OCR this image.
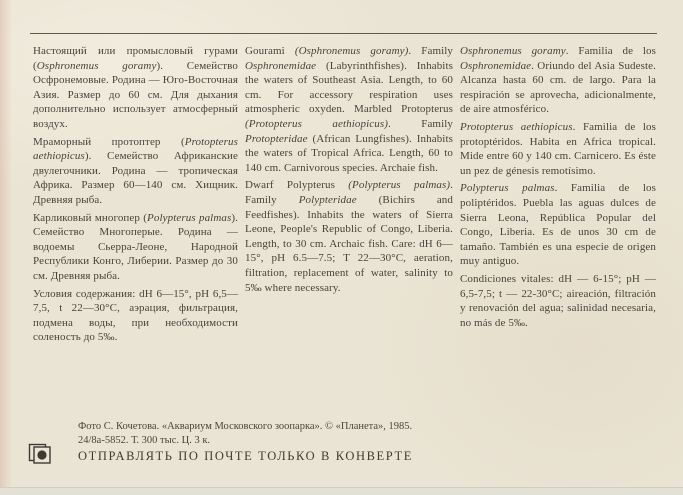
Настоящий или промысловый гурами (Osphronemus goramy). Семейство Осфронемовые. Родина — Юго-Восточная Азия. Размер до 60 см. Для дыхания дополнительно использует атмосферный воздух.

Мраморный протоптер (Protopterus aethiopicus). Семейство Африканские двулегочники. Родина — тропическая Африка. Размер 60—140 см. Хищник. Древняя рыба.

Карликовый многопер (Polypterus palmas). Семейство Многоперые. Родина — водоемы Сьерра-Леоне, Народной Республики Конго, Либерии. Размер до 30 см. Древняя рыба.

Условия содержания: dH 6—15°, pH 6,5—7,5, t 22—30°C, аэрация, фильтрация, подмена воды, при необходимости соленость до 5‰.

Gourami (Osphronemus goramy). Family Osphronemidae (Labyrinthfishes). Inhabits the waters of Southeast Asia. Length, to 60 cm. For accessory respiration uses atmospheric oxyden. Marbled Protopterus (Protopterus aethiopicus). Family Protopteridae (African Lungfishes). Inhabits the waters of Tropical Africa. Length, 60 to 140 cm. Carnivorous species. Archaie fish.

Dwarf Polypterus (Polypterus palmas). Family Polypteridae (Bichirs and Feedfishes). Inhabits the waters of Sierra Leone, People's Republic of Congo, Liberia. Length, to 30 cm. Archaic fish. Care: dH 6—15°, pH 6.5—7.5; T 22—30°C, aeration, filtration, replacement of water, salinity to 5‰ where necessary.

Osphronemus goramy. Familia de los Osphronemidae. Oriundo del Asia Sudeste. Alcanza hasta 60 cm. de largo. Para la respiración se aprovecha, adicionalmente, de aire atmosférico.

Protopterus aethiopicus. Familia de los protoptéridos. Habita en Africa tropical. Mide entre 60 y 140 cm. Carnicero. Es éste un pez de génesis remotísimo.

Polypterus palmas. Familia de los poliptéridos. Puebla las aguas dulces de Sierra Leona, República Popular del Congo, Liberia. Es de unos 30 cm de tamaño. También es una especie de origen muy antiguo.

Condiciones vitales: dH — 6-15°; pH — 6,5-7,5; t — 22-30°C; aireación, filtración y renovación del agua; salinidad necesaria, no más de 5‰.

Фото С. Кочетова. «Аквариум Московского зоопарка». © «Планета», 1985.
24/8а-5852. Т. 300 тыс. Ц. 3 к.
ОТПРАВЛЯТЬ ПО ПОЧТЕ ТОЛЬКО В КОНВЕРТЕ
